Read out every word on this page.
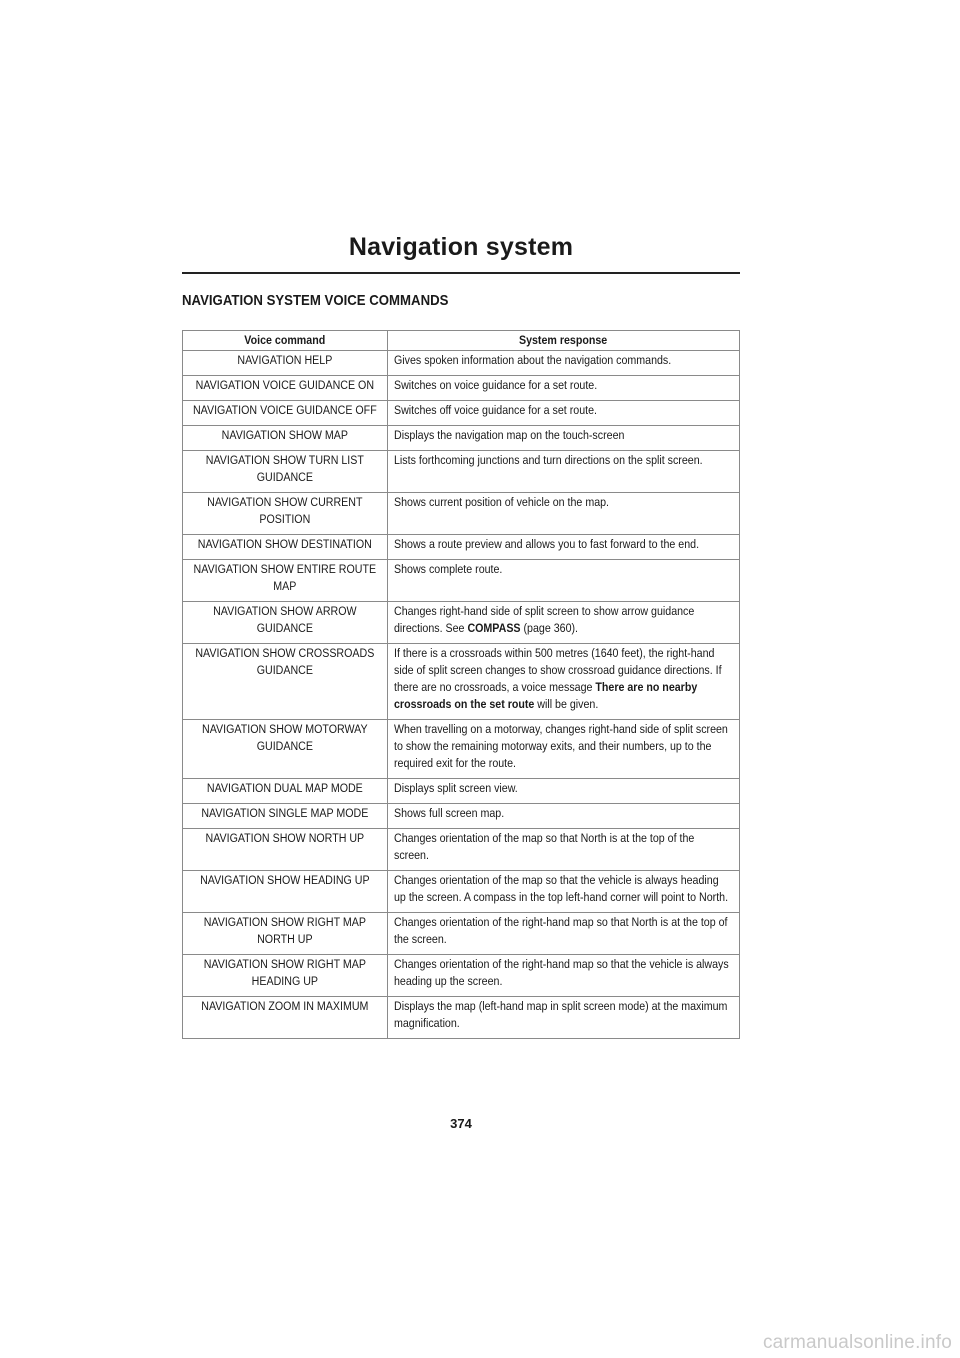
Navigation system
NAVIGATION SYSTEM VOICE COMMANDS
Voice command	System response
NAVIGATION HELP	Gives spoken information about the navigation commands.
NAVIGATION VOICE GUIDANCE ON	Switches on voice guidance for a set route.
NAVIGATION VOICE GUIDANCE OFF	Switches off voice guidance for a set route.
NAVIGATION SHOW MAP	Displays the navigation map on the touch-screen
NAVIGATION SHOW TURN LIST GUIDANCE	Lists forthcoming junctions and turn directions on the split screen.
NAVIGATION SHOW CURRENT POSITION	Shows current position of vehicle on the map.
NAVIGATION SHOW DESTINATION	Shows a route preview and allows you to fast forward to the end.
NAVIGATION SHOW ENTIRE ROUTE MAP	Shows complete route.
NAVIGATION SHOW ARROW GUIDANCE	Changes right-hand side of split screen to show arrow guidance directions. See COMPASS (page 360).
NAVIGATION SHOW CROSSROADS GUIDANCE	If there is a crossroads within 500 metres (1640 feet), the right-hand side of split screen changes to show crossroad guidance directions. If there are no crossroads, a voice message There are no nearby crossroads on the set route will be given.
NAVIGATION SHOW MOTORWAY GUIDANCE	When travelling on a motorway, changes right-hand side of split screen to show the remaining motorway exits, and their numbers, up to the required exit for the route.
NAVIGATION DUAL MAP MODE	Displays split screen view.
NAVIGATION SINGLE MAP MODE	Shows full screen map.
NAVIGATION SHOW NORTH UP	Changes orientation of the map so that North is at the top of the screen.
NAVIGATION SHOW HEADING UP	Changes orientation of the map so that the vehicle is always heading up the screen. A compass in the top left-hand corner will point to North.
NAVIGATION SHOW RIGHT MAP NORTH UP	Changes orientation of the right-hand map so that North is at the top of the screen.
NAVIGATION SHOW RIGHT MAP HEADING UP	Changes orientation of the right-hand map so that the vehicle is always heading up the screen.
NAVIGATION ZOOM IN MAXIMUM	Displays the map (left-hand map in split screen mode) at the maximum magnification.
374
carmanualsonline.info
